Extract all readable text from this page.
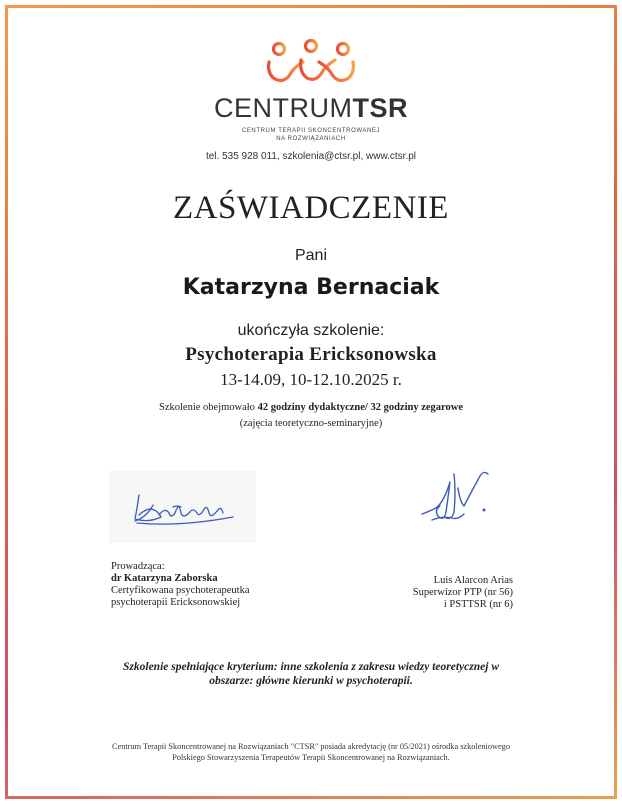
CENTRUMTSR
CENTRUM TERAPII SKONCENTROWANEJ
NA ROZWIĄZANIACH
tel. 535 928 011, szkolenia@ctsr.pl, www.ctsr.pl
ZAŚWIADCZENIE
Pani
Katarzyna Bernaciak
ukończyła szkolenie:
Psychoterapia Ericksonowska
13-14.09, 10-12.10.2025 r.
Szkolenie obejmowało 42 godziny dydaktyczne/ 32 godziny zegarowe
(zajęcia teoretyczno-seminaryjne)
Prowadząca:
dr Katarzyna Zaborska
Certyfikowana psychoterapeutka
psychoterapii Ericksonowskiej
Luis Alarcon Arias
Superwizor PTP (nr 56)
i PSTTSR (nr 6)
Szkolenie spełniające kryterium: inne szkolenia z zakresu wiedzy teoretycznej w
obszarze: główne kierunki w psychoterapii.
Centrum Terapii Skoncentrowanej na Rozwiązaniach "CTSR" posiada akredytację (nr 05/2021) ośrodka szkoleniowego
Polskiego Stowarzyszenia Terapeutów Terapii Skoncentrowanej na Rozwiązaniach.
